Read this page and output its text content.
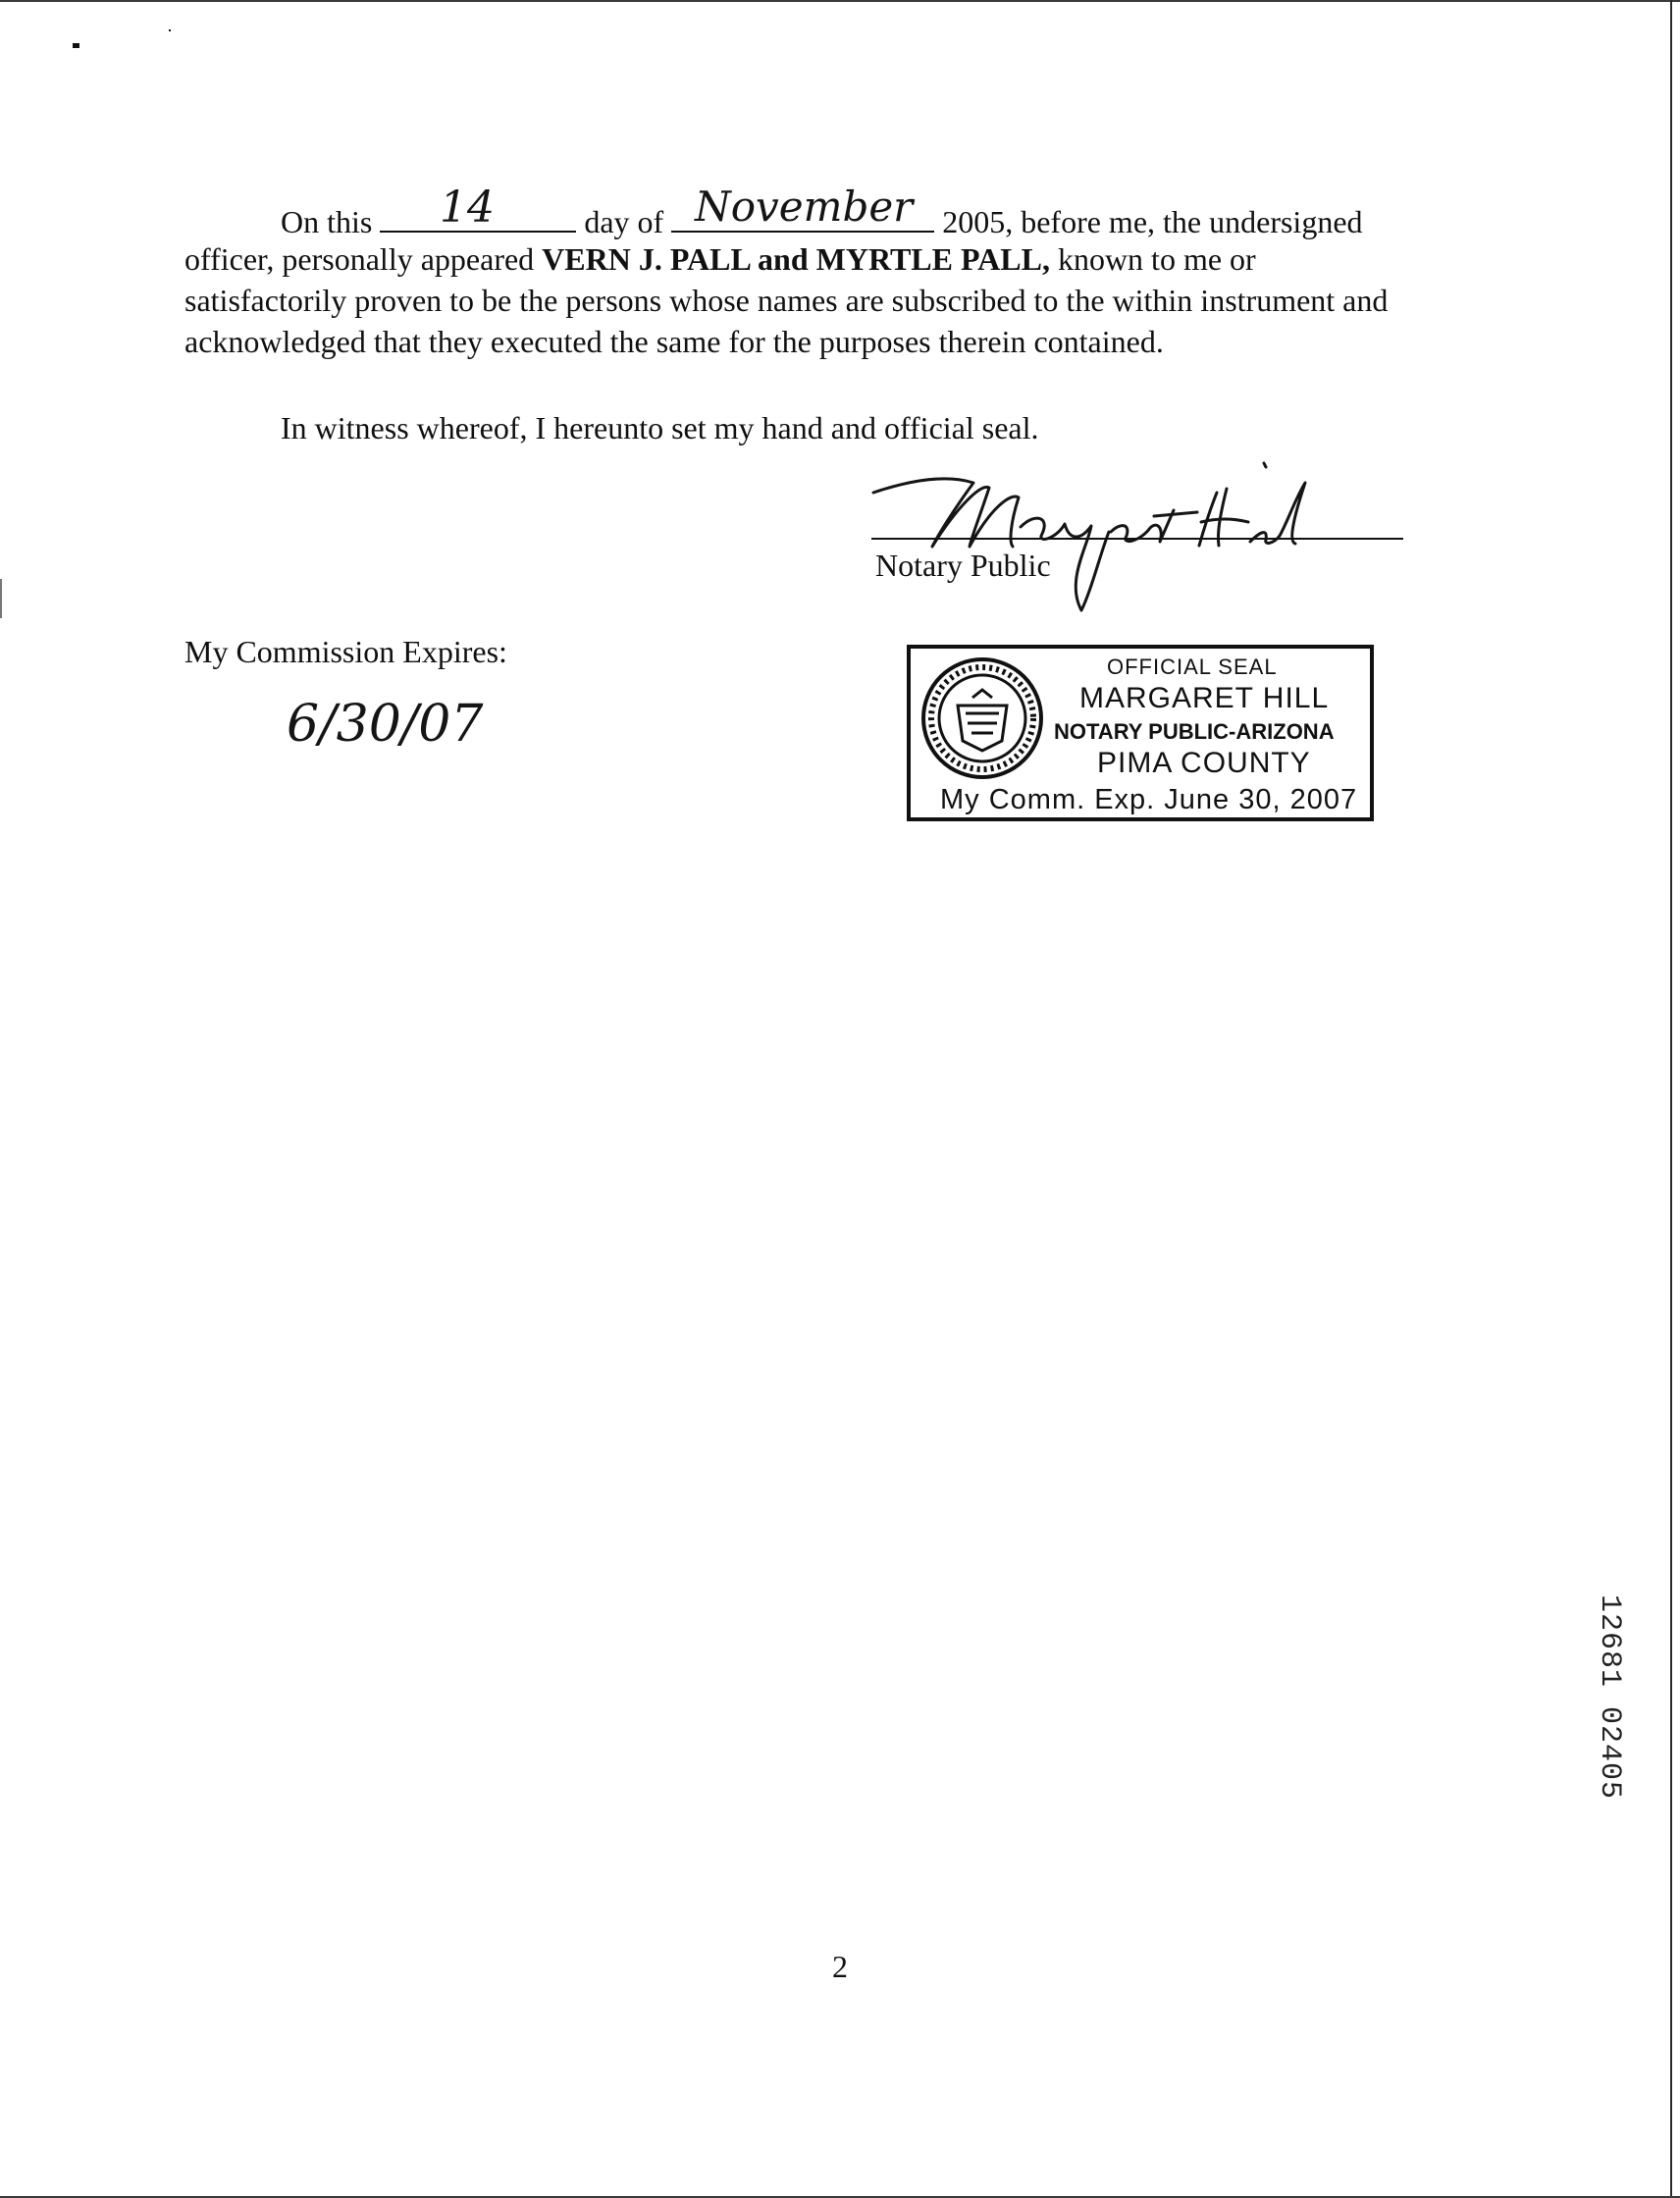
On this	day of	2005, before me, the undersigned
14	November
officer, personally appeared VERN J. PALL and MYRTLE PALL, known to me or
satisfactorily proven to be the persons whose names are subscribed to the within instrument and
acknowledged that they executed the same for the purposes therein contained.
In witness whereof, I hereunto set my hand and official seal.
Notary Public
My Commission Expires:
6/30/07
OFFICIAL SEAL
MARGARET HILL
NOTARY PUBLIC-ARIZONA
PIMA COUNTY
My Comm. Exp. June 30, 2007
12681 02405
2
